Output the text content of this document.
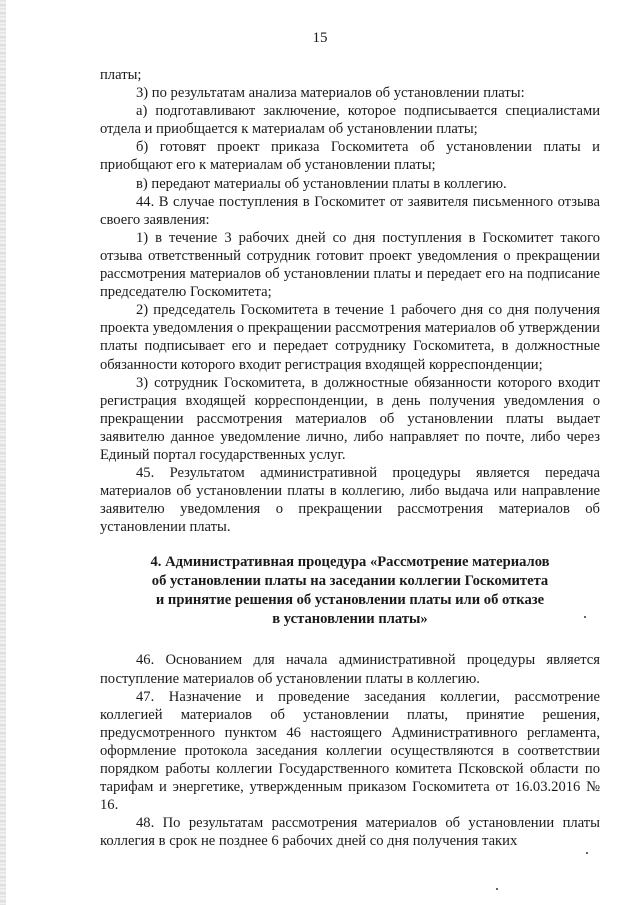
15

платы;

3) по результатам анализа материалов об установлении платы:

а) подготавливают заключение, которое подписывается специалистами отдела и приобщается к материалам об установлении платы;

б) готовят проект приказа Госкомитета об установлении платы и приобщают его к материалам об установлении платы;

в) передают материалы об установлении платы в коллегию.

44. В случае поступления в Госкомитет от заявителя письменного отзыва своего заявления:

1) в течение 3 рабочих дней со дня поступления в Госкомитет такого отзыва ответственный сотрудник готовит проект уведомления о прекращении рассмотрения материалов об установлении платы и передает его на подписание председателю Госкомитета;

2) председатель Госкомитета в течение 1 рабочего дня со дня получения проекта уведомления о прекращении рассмотрения материалов об утверждении платы подписывает его и передает сотруднику Госкомитета, в должностные обязанности которого входит регистрация входящей корреспонденции;

3) сотрудник Госкомитета, в должностные обязанности которого входит регистрация входящей корреспонденции, в день получения уведомления о прекращении рассмотрения материалов об установлении платы выдает заявителю данное уведомление лично, либо направляет по почте, либо через Единый портал государственных услуг.

45. Результатом административной процедуры является передача материалов об установлении платы в коллегию, либо выдача или направление заявителю уведомления о прекращении рассмотрения материалов об установлении платы.

4. Административная процедура «Рассмотрение материалов
об установлении платы на заседании коллегии Госкомитета
и принятие решения об установлении платы или об отказе
в установлении платы»

46. Основанием для начала административной процедуры является поступление материалов об установлении платы в коллегию.

47. Назначение и проведение заседания коллегии, рассмотрение коллегией материалов об установлении платы, принятие решения, предусмотренного пунктом 46 настоящего Административного регламента, оформление протокола заседания коллегии осуществляются в соответствии порядком работы коллегии Государственного комитета Псковской области по тарифам и энергетике, утвержденным приказом Госкомитета от 16.03.2016 № 16.

48. По результатам рассмотрения материалов об установлении платы коллегия в срок не позднее 6 рабочих дней со дня получения таких
